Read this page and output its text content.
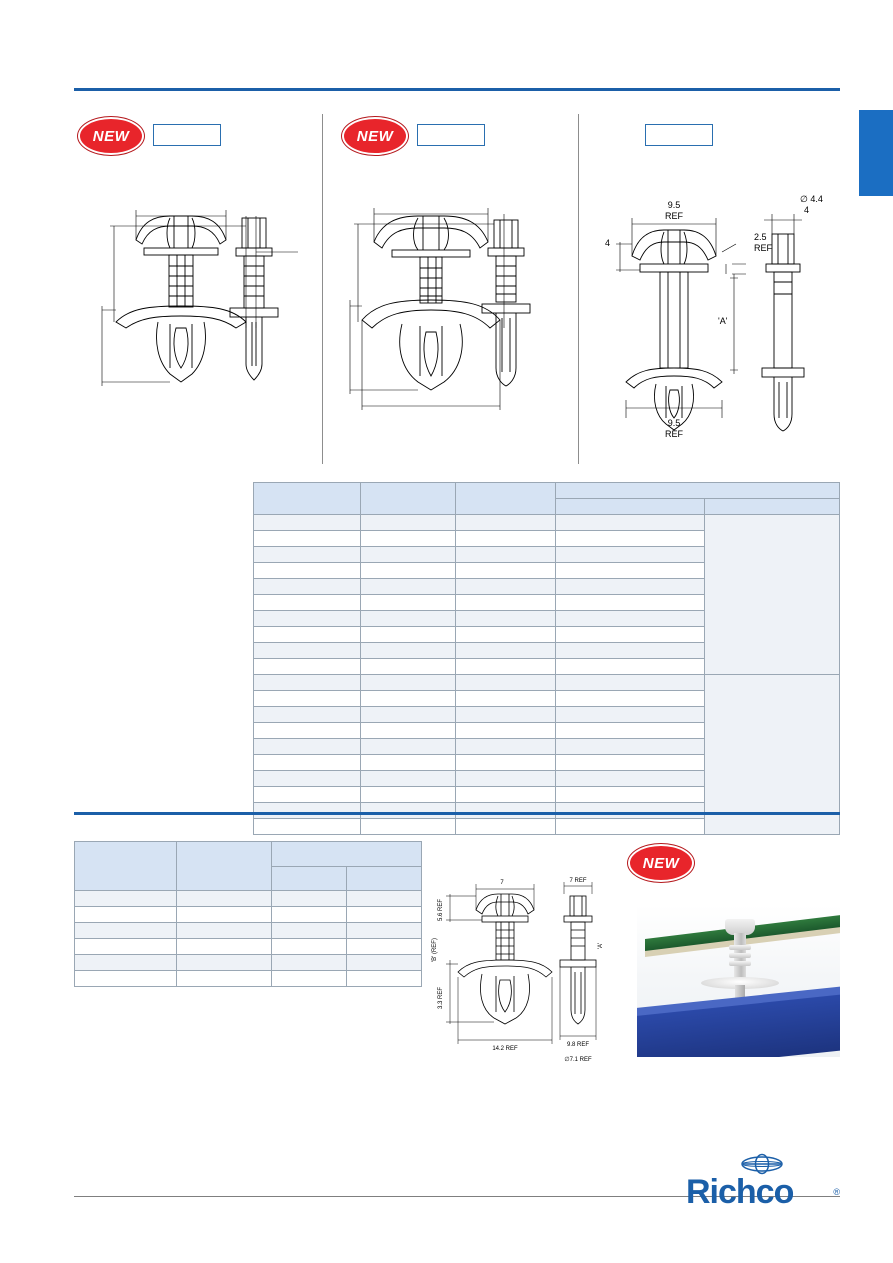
NEW	NEW
9.5
REF
4
2.5
REF
'A'
9.5
REF
∅ 4.4
4

7
5.6 REF
'B' (REF)
3.3 REF
14.2 REF
7 REF
'A'
9.8 REF
∅7.1 REF
NEW
Richco	®
